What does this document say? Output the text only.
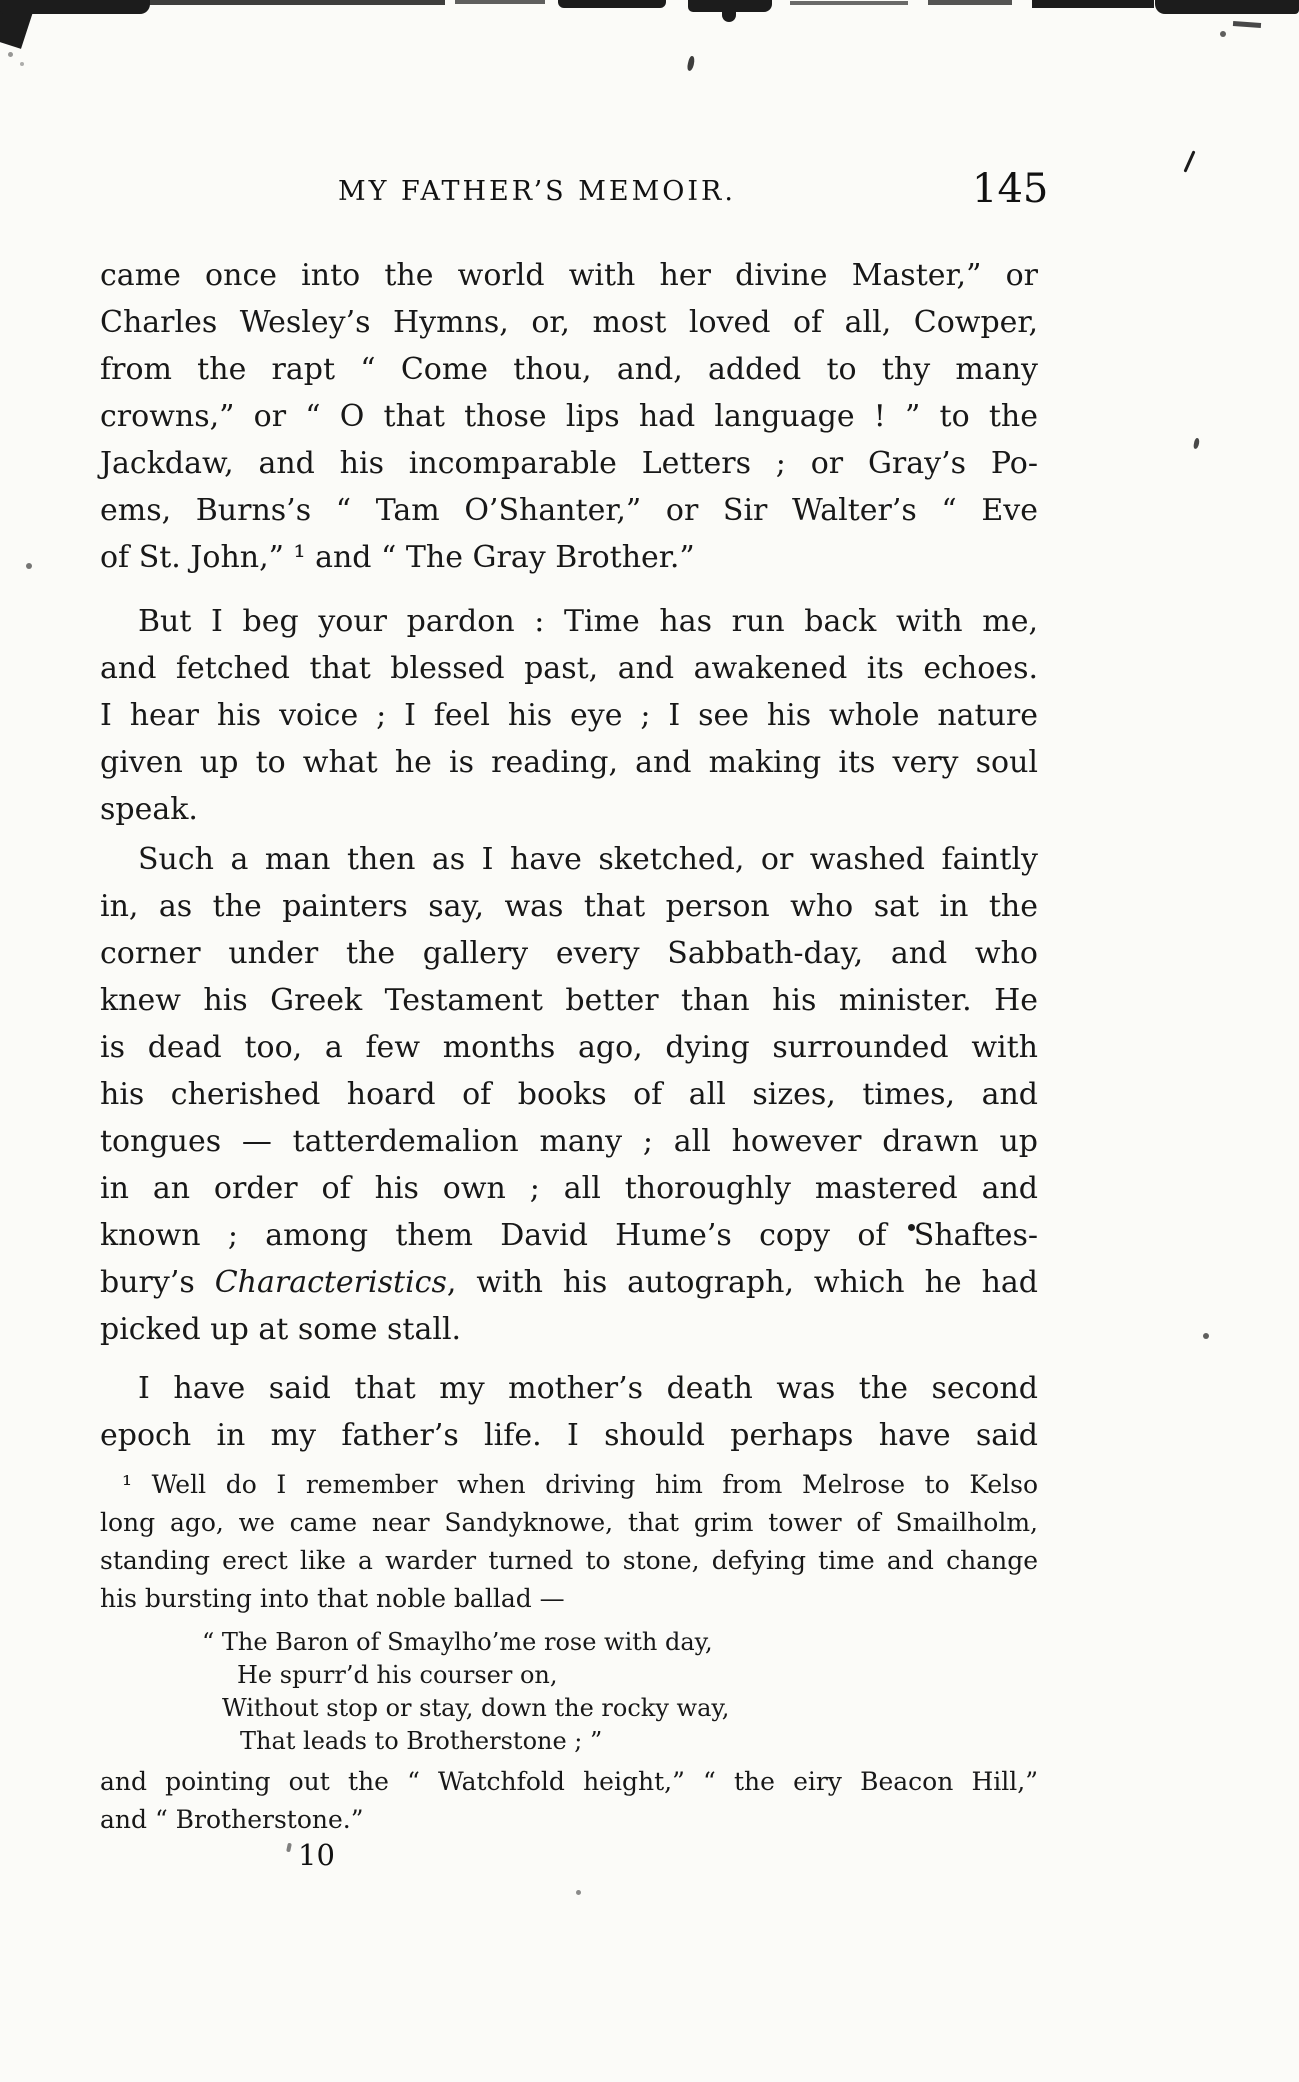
MY FATHER’S MEMOIR.	145
came once into the world with her divine Master,” or
Charles Wesley’s Hymns, or, most loved of all, Cowper,
from the rapt “ Come thou, and, added to thy many
crowns,” or “ O that those lips had language ! ” to the
Jackdaw, and his incomparable Letters ; or Gray’s Po-
ems, Burns’s “ Tam O’Shanter,” or Sir Walter’s “ Eve
of St. John,” ¹ and “ The Gray Brother.”
But I beg your pardon : Time has run back with me,
and fetched that blessed past, and awakened its echoes.
I hear his voice ; I feel his eye ; I see his whole nature
given up to what he is reading, and making its very soul
speak.
Such a man then as I have sketched, or washed faintly
in, as the painters say, was that person who sat in the
corner under the gallery every Sabbath-day, and who
knew his Greek Testament better than his minister. He
is dead too, a few months ago, dying surrounded with
his cherished hoard of books of all sizes, times, and
tongues — tatterdemalion many ; all however drawn up
in an order of his own ; all thoroughly mastered and
known ; among them David Hume’s copy of Shaftes-
bury’s Characteristics, with his autograph, which he had
picked up at some stall.
I have said that my mother’s death was the second
epoch in my father’s life. I should perhaps have said
¹ Well do I remember when driving him from Melrose to Kelso
long ago, we came near Sandyknowe, that grim tower of Smailholm,
standing erect like a warder turned to stone, defying time and change
his bursting into that noble ballad —
“ The Baron of Smaylho’me rose with day,
He spurr’d his courser on,
Without stop or stay, down the rocky way,
That leads to Brotherstone ; ”
and pointing out the “ Watchfold height,” “ the eiry Beacon Hill,”
and “ Brotherstone.”
10
